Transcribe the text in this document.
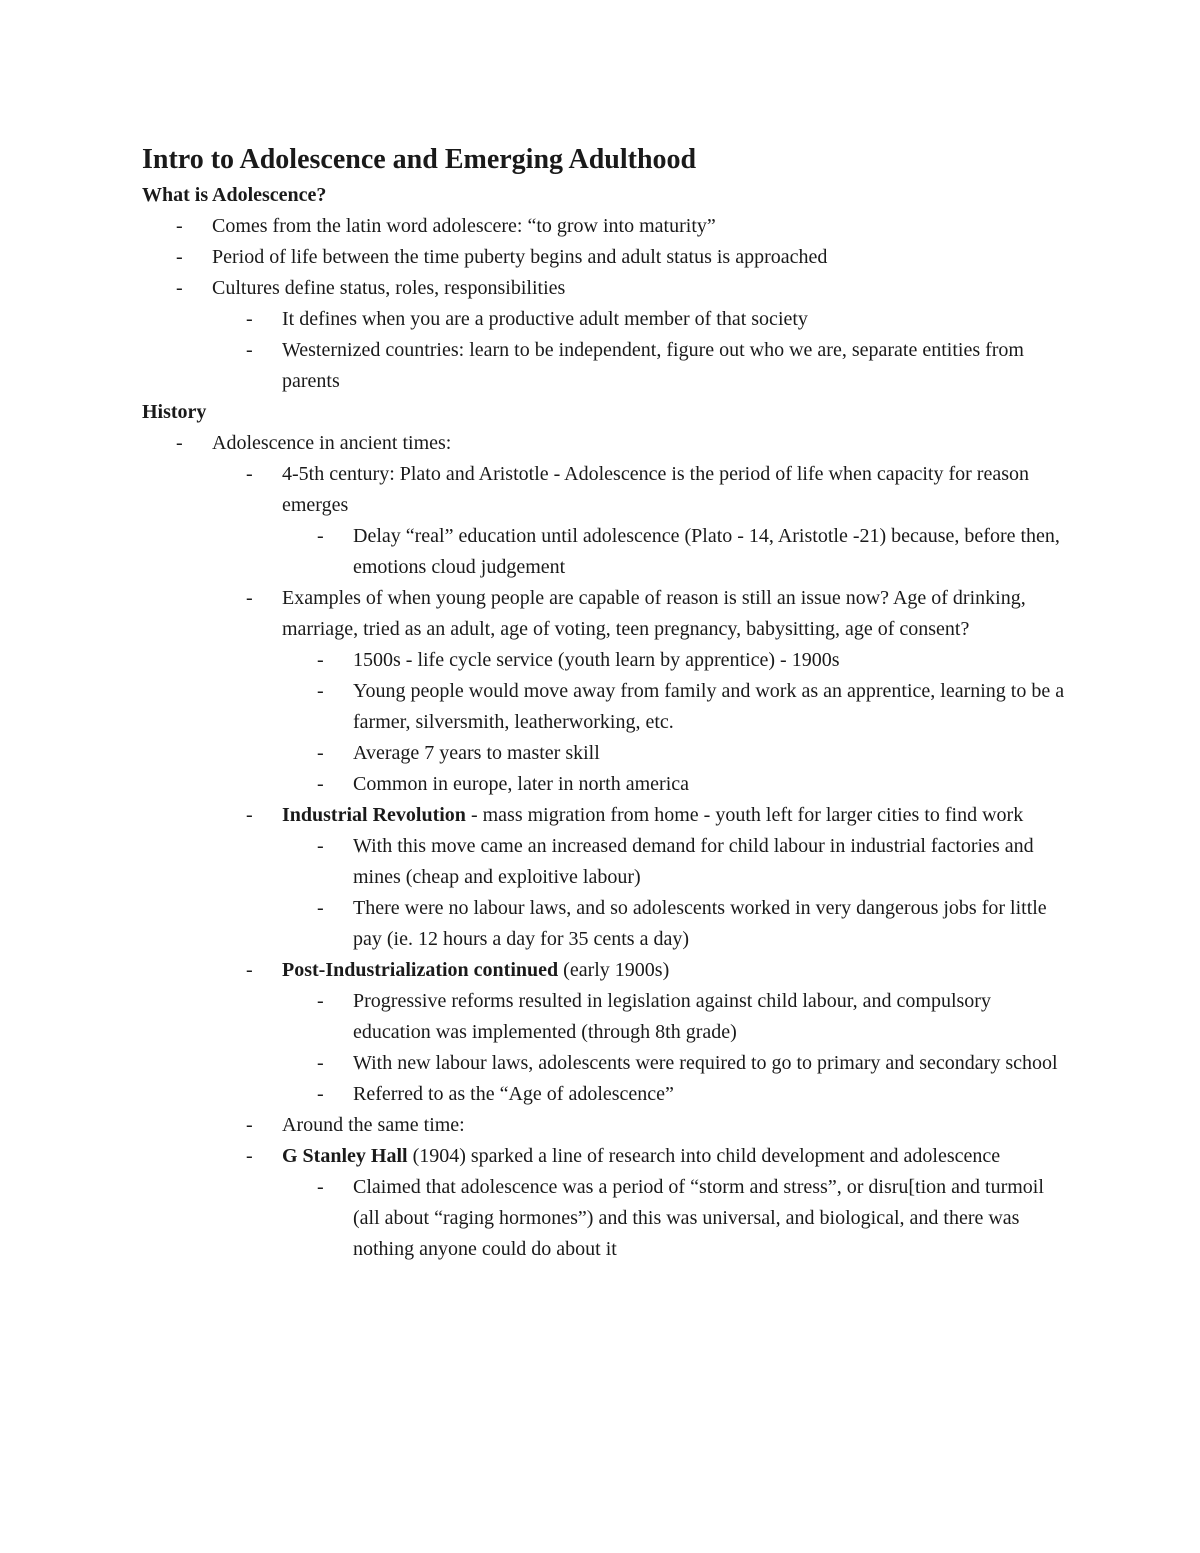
Intro to Adolescence and Emerging Adulthood
What is Adolescence?
- Comes from the latin word adolescere: “to grow into maturity”
- Period of life between the time puberty begins and adult status is approached
- Cultures define status, roles, responsibilities
- It defines when you are a productive adult member of that society
- Westernized countries: learn to be independent, figure out who we are, separate entities from parents
History
- Adolescence in ancient times:
- 4-5th century: Plato and Aristotle - Adolescence is the period of life when capacity for reason emerges
- Delay “real” education until adolescence (Plato - 14, Aristotle -21) because, before then, emotions cloud judgement
- Examples of when young people are capable of reason is still an issue now? Age of drinking, marriage, tried as an adult, age of voting, teen pregnancy, babysitting, age of consent?
- 1500s - life cycle service (youth learn by apprentice) - 1900s
- Young people would move away from family and work as an apprentice, learning to be a farmer, silversmith, leatherworking, etc.
- Average 7 years to master skill
- Common in europe, later in north america
- Industrial Revolution - mass migration from home - youth left for larger cities to find work
- With this move came an increased demand for child labour in industrial factories and mines (cheap and exploitive labour)
- There were no labour laws, and so adolescents worked in very dangerous jobs for little pay (ie. 12 hours a day for 35 cents a day)
- Post-Industrialization continued (early 1900s)
- Progressive reforms resulted in legislation against child labour, and compulsory education was implemented (through 8th grade)
- With new labour laws, adolescents were required to go to primary and secondary school
- Referred to as the “Age of adolescence”
- Around the same time:
- G Stanley Hall (1904) sparked a line of research into child development and adolescence
- Claimed that adolescence was a period of “storm and stress”, or disru[tion and turmoil (all about “raging hormones”) and this was universal, and biological, and there was nothing anyone could do about it
